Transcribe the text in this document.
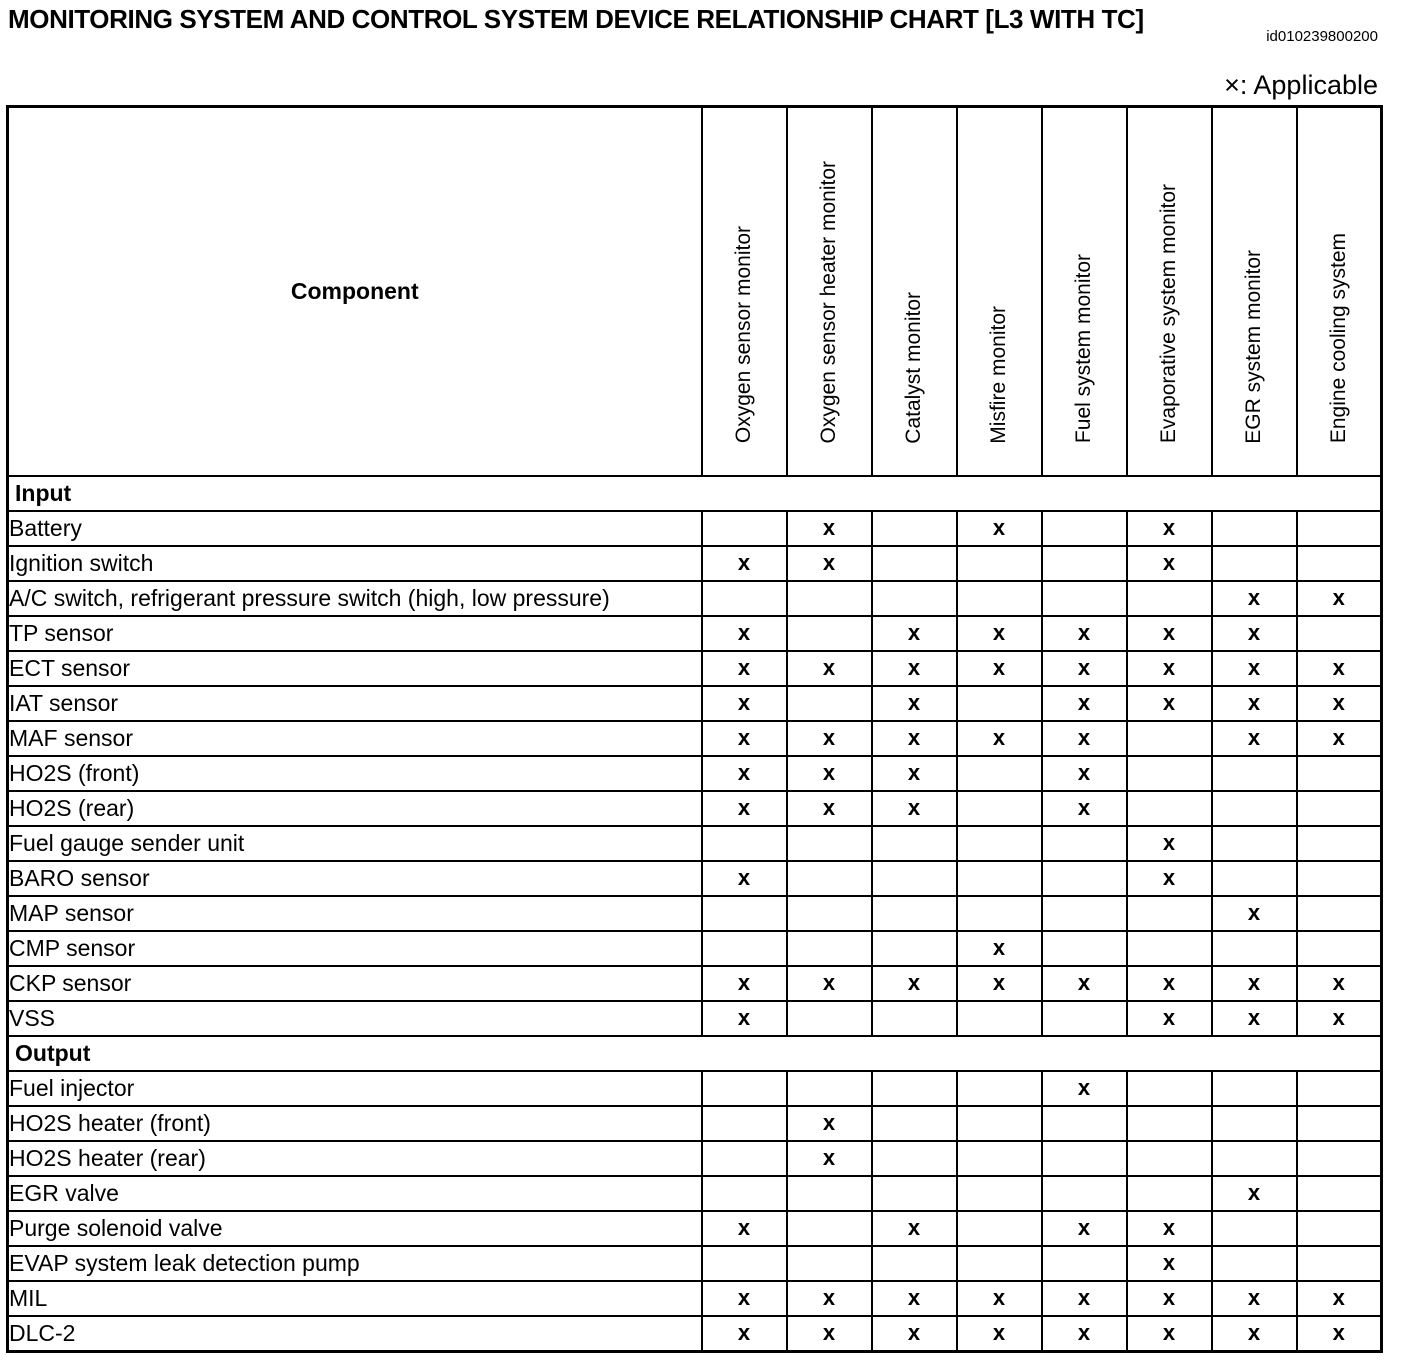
MONITORING SYSTEM AND CONTROL SYSTEM DEVICE RELATIONSHIP CHART [L3 WITH TC]
id010239800200
×: Applicable
Component	Oxygen sensor monitor	Oxygen sensor heater monitor	Catalyst monitor	Misfire monitor	Fuel system monitor	Evaporative system monitor	EGR system monitor	Engine cooling system
Input								
Battery		x		x		x		
Ignition switch	x	x				x		
A/C switch, refrigerant pressure switch (high, low pressure)							x	x
TP sensor	x		x	x	x	x	x	
ECT sensor	x	x	x	x	x	x	x	x
IAT sensor	x		x		x	x	x	x
MAF sensor	x	x	x	x	x		x	x
HO2S (front)	x	x	x		x			
HO2S (rear)	x	x	x		x			
Fuel gauge sender unit						x		
BARO sensor	x					x		
MAP sensor							x	
CMP sensor				x				
CKP sensor	x	x	x	x	x	x	x	x
VSS	x					x	x	x
Output								
Fuel injector					x			
HO2S heater (front)		x						
HO2S heater (rear)		x						
EGR valve							x	
Purge solenoid valve	x		x		x	x		
EVAP system leak detection pump						x		
MIL	x	x	x	x	x	x	x	x
DLC-2	x	x	x	x	x	x	x	x
